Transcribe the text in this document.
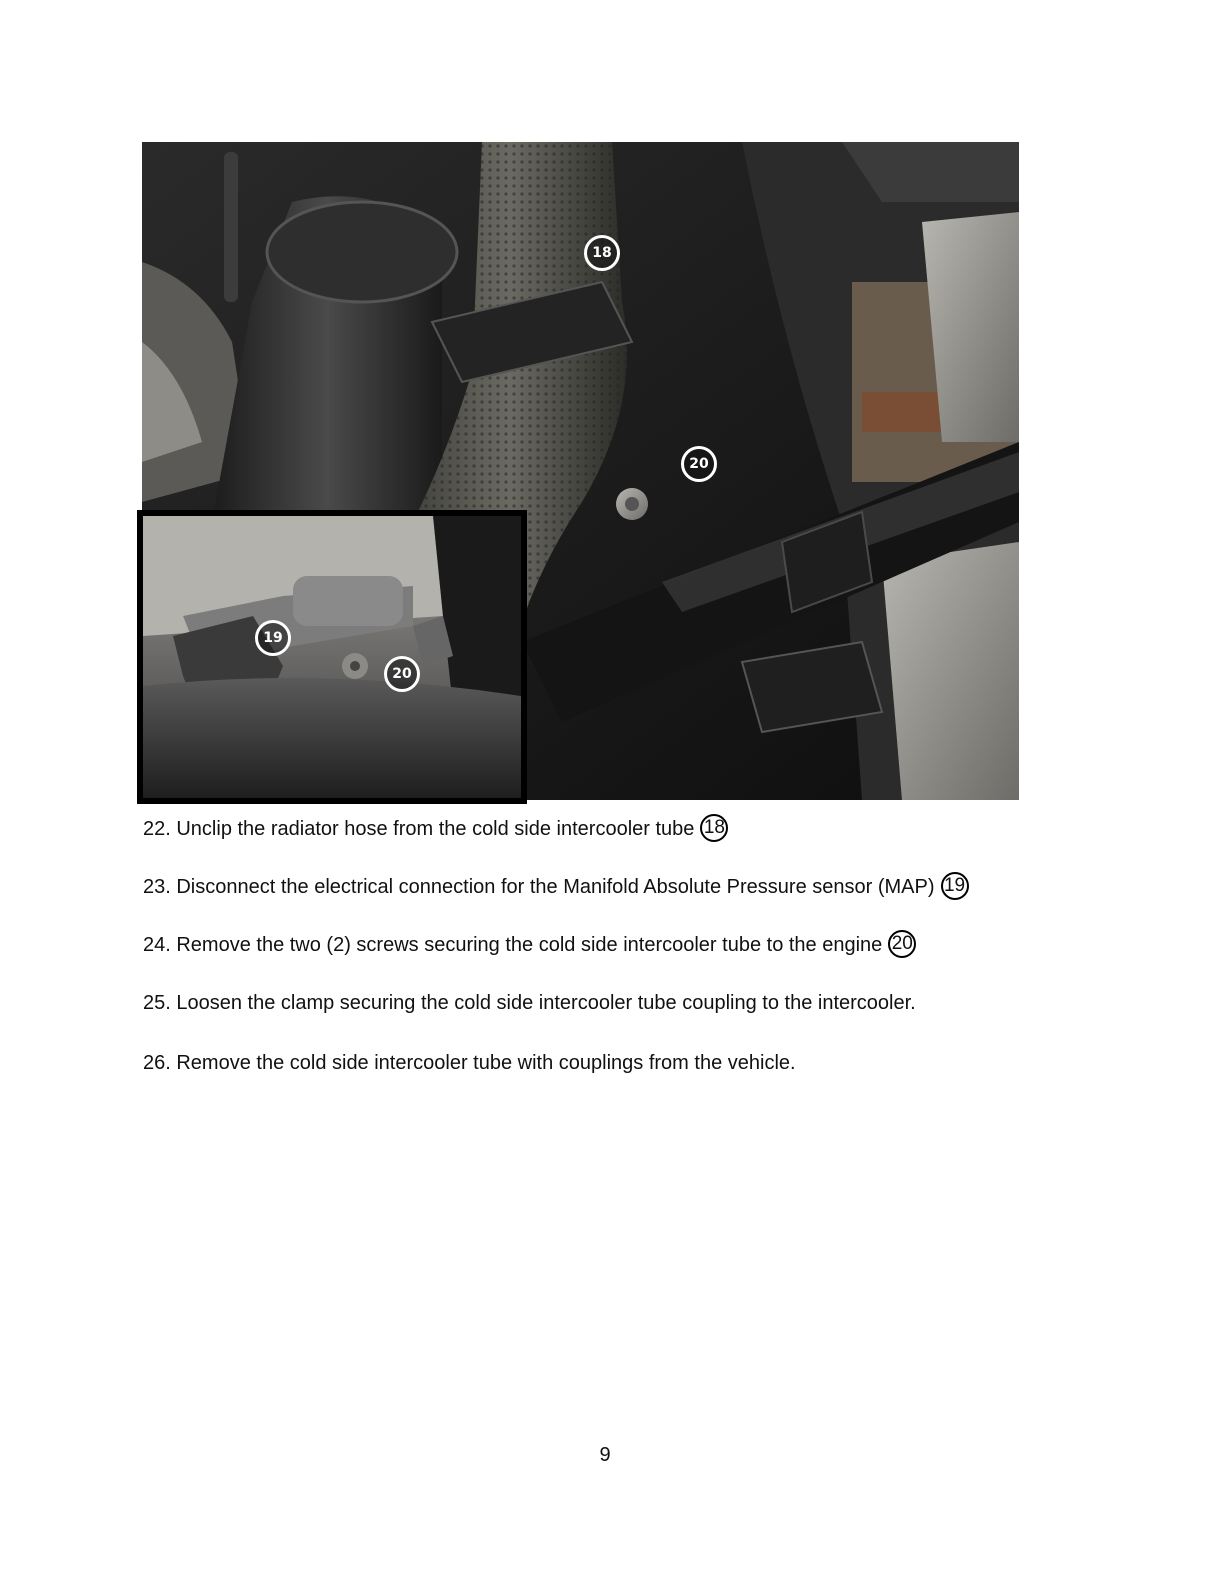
18
20
19
20
22. Unclip the radiator hose from the cold side intercooler tube 18
23. Disconnect the electrical connection for the Manifold Absolute Pressure sensor (MAP) 19
24. Remove the two (2) screws securing the cold side intercooler tube to the engine 20
25. Loosen the clamp securing the cold side intercooler tube coupling to the intercooler.
26. Remove the cold side intercooler tube with couplings from the vehicle.
9
